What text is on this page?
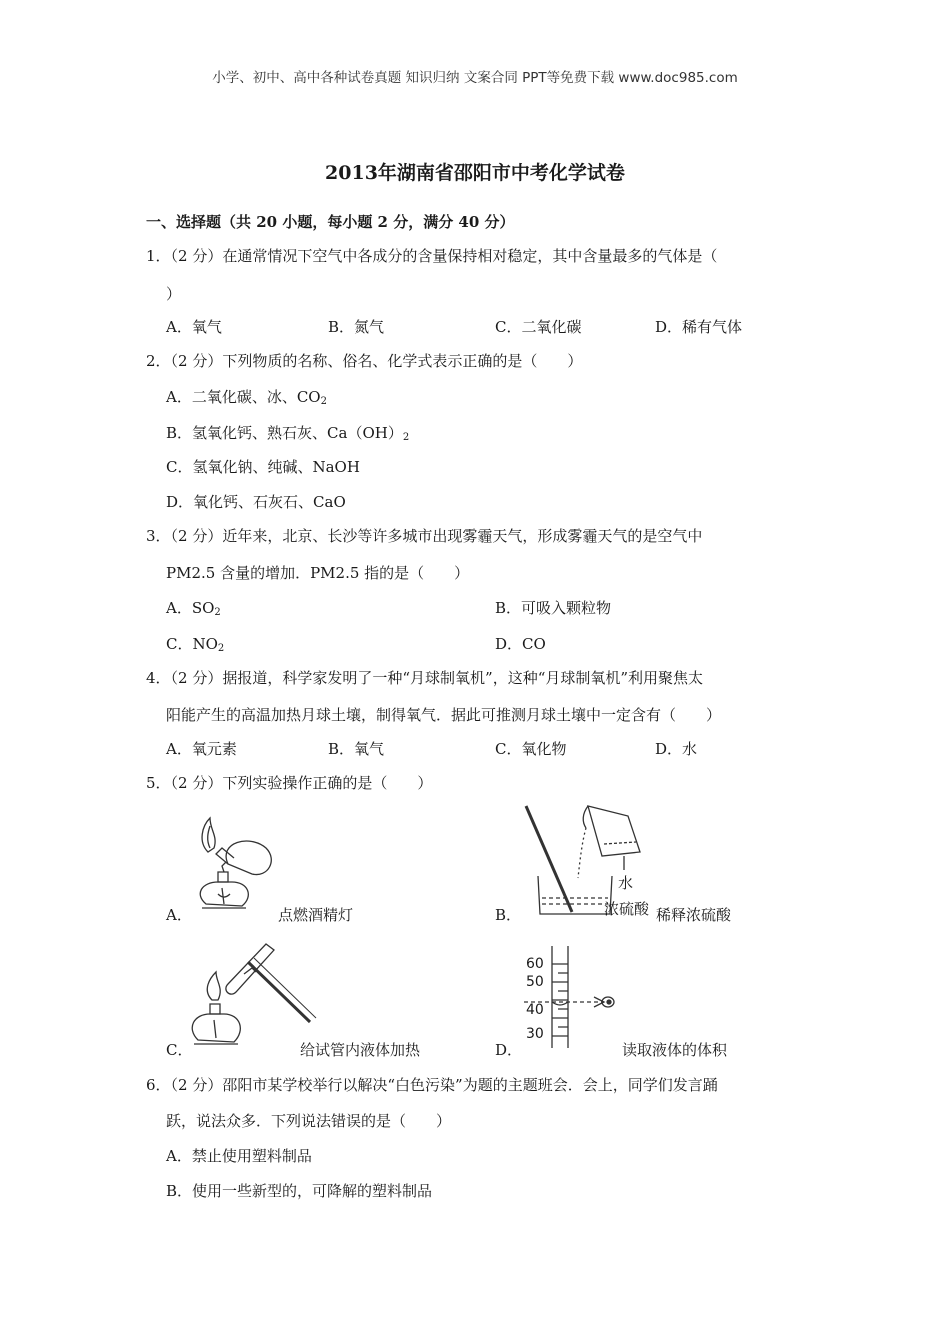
小学、初中、高中各种试卷真题 知识归纳 文案合同 PPT等免费下载 www.doc985.com
2013年湖南省邵阳市中考化学试卷
一、选择题（共 20 小题，每小题 2 分，满分 40 分）
1．（2 分）在通常情况下空气中各成分的含量保持相对稳定，其中含量最多的气体是（
）
A．氧气	B．氮气	C．二氧化碳	D．稀有气体
2．（2 分）下列物质的名称、俗名、化学式表示正确的是（　　）
A．二氧化碳、冰、$CO_2$
B．氢氧化钙、熟石灰、$Ca(OH)_2$
C．氢氧化钠、纯碱、NaOH
D．氧化钙、石灰石、CaO
3．（2 分）近年来，北京、长沙等许多城市出现雾霾天气，形成雾霾天气的是空气中
PM2.5 含量的增加．PM2.5 指的是（　　）
A．$SO_2$	B．可吸入颗粒物
C．$NO_2$	D．CO
4．（2 分）据报道，科学家发明了一种“月球制氧机”，这种“月球制氧机”利用聚焦太
阳能产生的高温加热月球土壤，制得氧气．据此可推测月球土壤中一定含有（　　）
A．氧元素	B．氧气	C．氧化物	D．水
5．（2 分）下列实验操作正确的是（　　）
A．	点燃酒精灯	B．
水
浓硫酸 稀释浓硫酸
C．	给试管内液体加热	D．
60
50
40
30
读取液体的体积
6．（2 分）邵阳市某学校举行以解决“白色污染”为题的主题班会．会上，同学们发言踊
跃，说法众多．下列说法错误的是（　　）
A．禁止使用塑料制品
B．使用一些新型的，可降解的塑料制品
